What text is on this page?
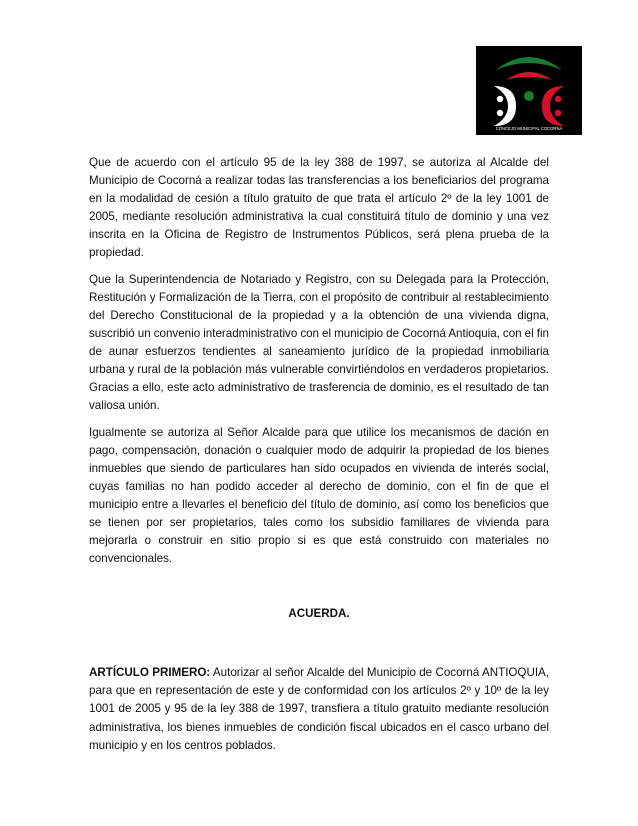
CONCEJO MUNICIPAL COCORNÁ

Que de acuerdo con el artículo 95 de la ley 388 de 1997, se autoriza al Alcalde del Municipio de Cocorná a realizar todas las transferencias a los beneficiarios del programa en la modalidad de cesión a título gratuito de que trata el artículo 2º de la ley 1001 de 2005, mediante resolución administrativa la cual constituirá título de dominio y una vez inscrita en la Oficina de Registro de Instrumentos Públicos, será plena prueba de la propiedad.

Que la Superintendencia de Notariado y Registro, con su Delegada para la Protección, Restitución y Formalización de la Tierra, con el propósito de contribuir al restablecimiento del Derecho Constitucional de la propiedad y a la obtención de una vivienda digna, suscribió un convenio interadministrativo con el municipio de Cocorná Antioquia, con el fin de aunar esfuerzos tendientes al saneamiento jurídico de la propiedad inmobiliaria urbana y rural de la población más vulnerable convirtiéndolos en verdaderos propietarios. Gracias a ello, este acto administrativo de trasferencia de dominio, es el resultado de tan valiosa unión.

Igualmente se autoriza al Señor Alcalde para que utilice los mecanismos de dación en pago, compensación, donación o cualquier modo de adquirir la propiedad de los bienes inmuebles que siendo de particulares han sido ocupados en vivienda de interés social, cuyas familias no han podido acceder al derecho de dominio, con el fin de que el municipio entre a llevarles el beneficio del título de dominio, así como los beneficios que se tienen por ser propietarios, tales como los subsidio familiares de vivienda para mejorarla o construir en sitio propio si es que está construido con materiales no convencionales.

ACUERDA.

ARTÍCULO PRIMERO: Autorizar al señor Alcalde del Municipio de Cocorná ANTIOQUIA, para que en representación de este y de conformidad con los artículos 2º y 10º de la ley 1001 de 2005 y 95 de la ley 388 de 1997, transfiera a título gratuito mediante resolución administrativa, los bienes inmuebles de condición fiscal ubicados en el casco urbano del municipio y en los centros poblados.
